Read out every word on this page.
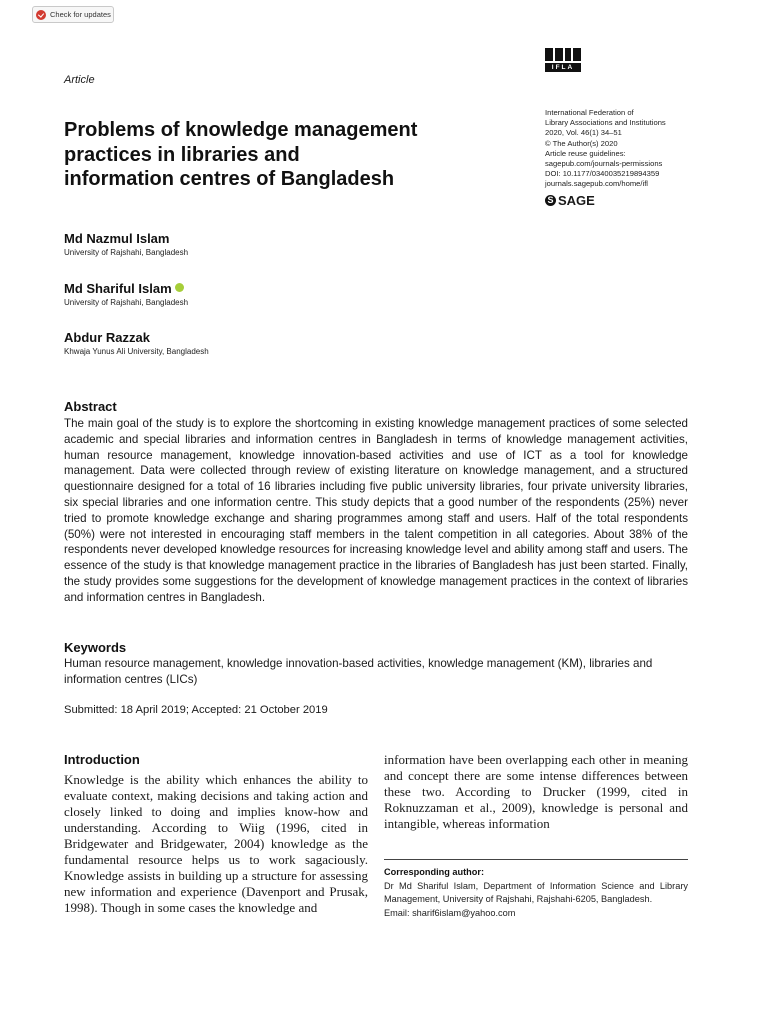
Check for updates
Article
IFLA
International Federation of
Library Associations and Institutions
2020, Vol. 46(1) 34–51
© The Author(s) 2020
Article reuse guidelines:
sagepub.com/journals-permissions
DOI: 10.1177/0340035219894359
journals.sagepub.com/home/ifl
S SAGE
Problems of knowledge management
practices in libraries and
information centres of Bangladesh
Md Nazmul Islam
University of Rajshahi, Bangladesh
Md Shariful Islam
University of Rajshahi, Bangladesh
Abdur Razzak
Khwaja Yunus Ali University, Bangladesh
Abstract
The main goal of the study is to explore the shortcoming in existing knowledge management practices of some selected academic and special libraries and information centres in Bangladesh in terms of knowledge management activities, human resource management, knowledge innovation-based activities and use of ICT as a tool for knowledge management. Data were collected through review of existing literature on knowledge management, and a structured questionnaire designed for a total of 16 libraries including five public university libraries, four private university libraries, six special libraries and one information centre. This study depicts that a good number of the respondents (25%) never tried to promote knowledge exchange and sharing programmes among staff and users. Half of the total respondents (50%) were not interested in encouraging staff members in the talent competition in all categories. About 38% of the respondents never developed knowledge resources for increasing knowledge level and ability among staff and users. The essence of the study is that knowledge management practice in the libraries of Bangladesh has just been started. Finally, the study provides some suggestions for the development of knowledge management practices in the context of libraries and information centres in Bangladesh.
Keywords
Human resource management, knowledge innovation-based activities, knowledge management (KM), libraries and information centres (LICs)
Submitted: 18 April 2019; Accepted: 21 October 2019
Introduction
Knowledge is the ability which enhances the ability to evaluate context, making decisions and taking action and closely linked to doing and implies know-how and understanding. According to Wiig (1996, cited in Bridgewater and Bridgewater, 2004) knowledge as the fundamental resource helps us to work sagaciously. Knowledge assists in building up a structure for assessing new information and experience (Davenport and Prusak, 1998). Though in some cases the knowledge and
information have been overlapping each other in meaning and concept there are some intense differences between these two. According to Drucker (1999, cited in Roknuzzaman et al., 2009), knowledge is personal and intangible, whereas information
Corresponding author:
Dr Md Shariful Islam, Department of Information Science and Library Management, University of Rajshahi, Rajshahi-6205, Bangladesh.
Email: sharif6islam@yahoo.com
